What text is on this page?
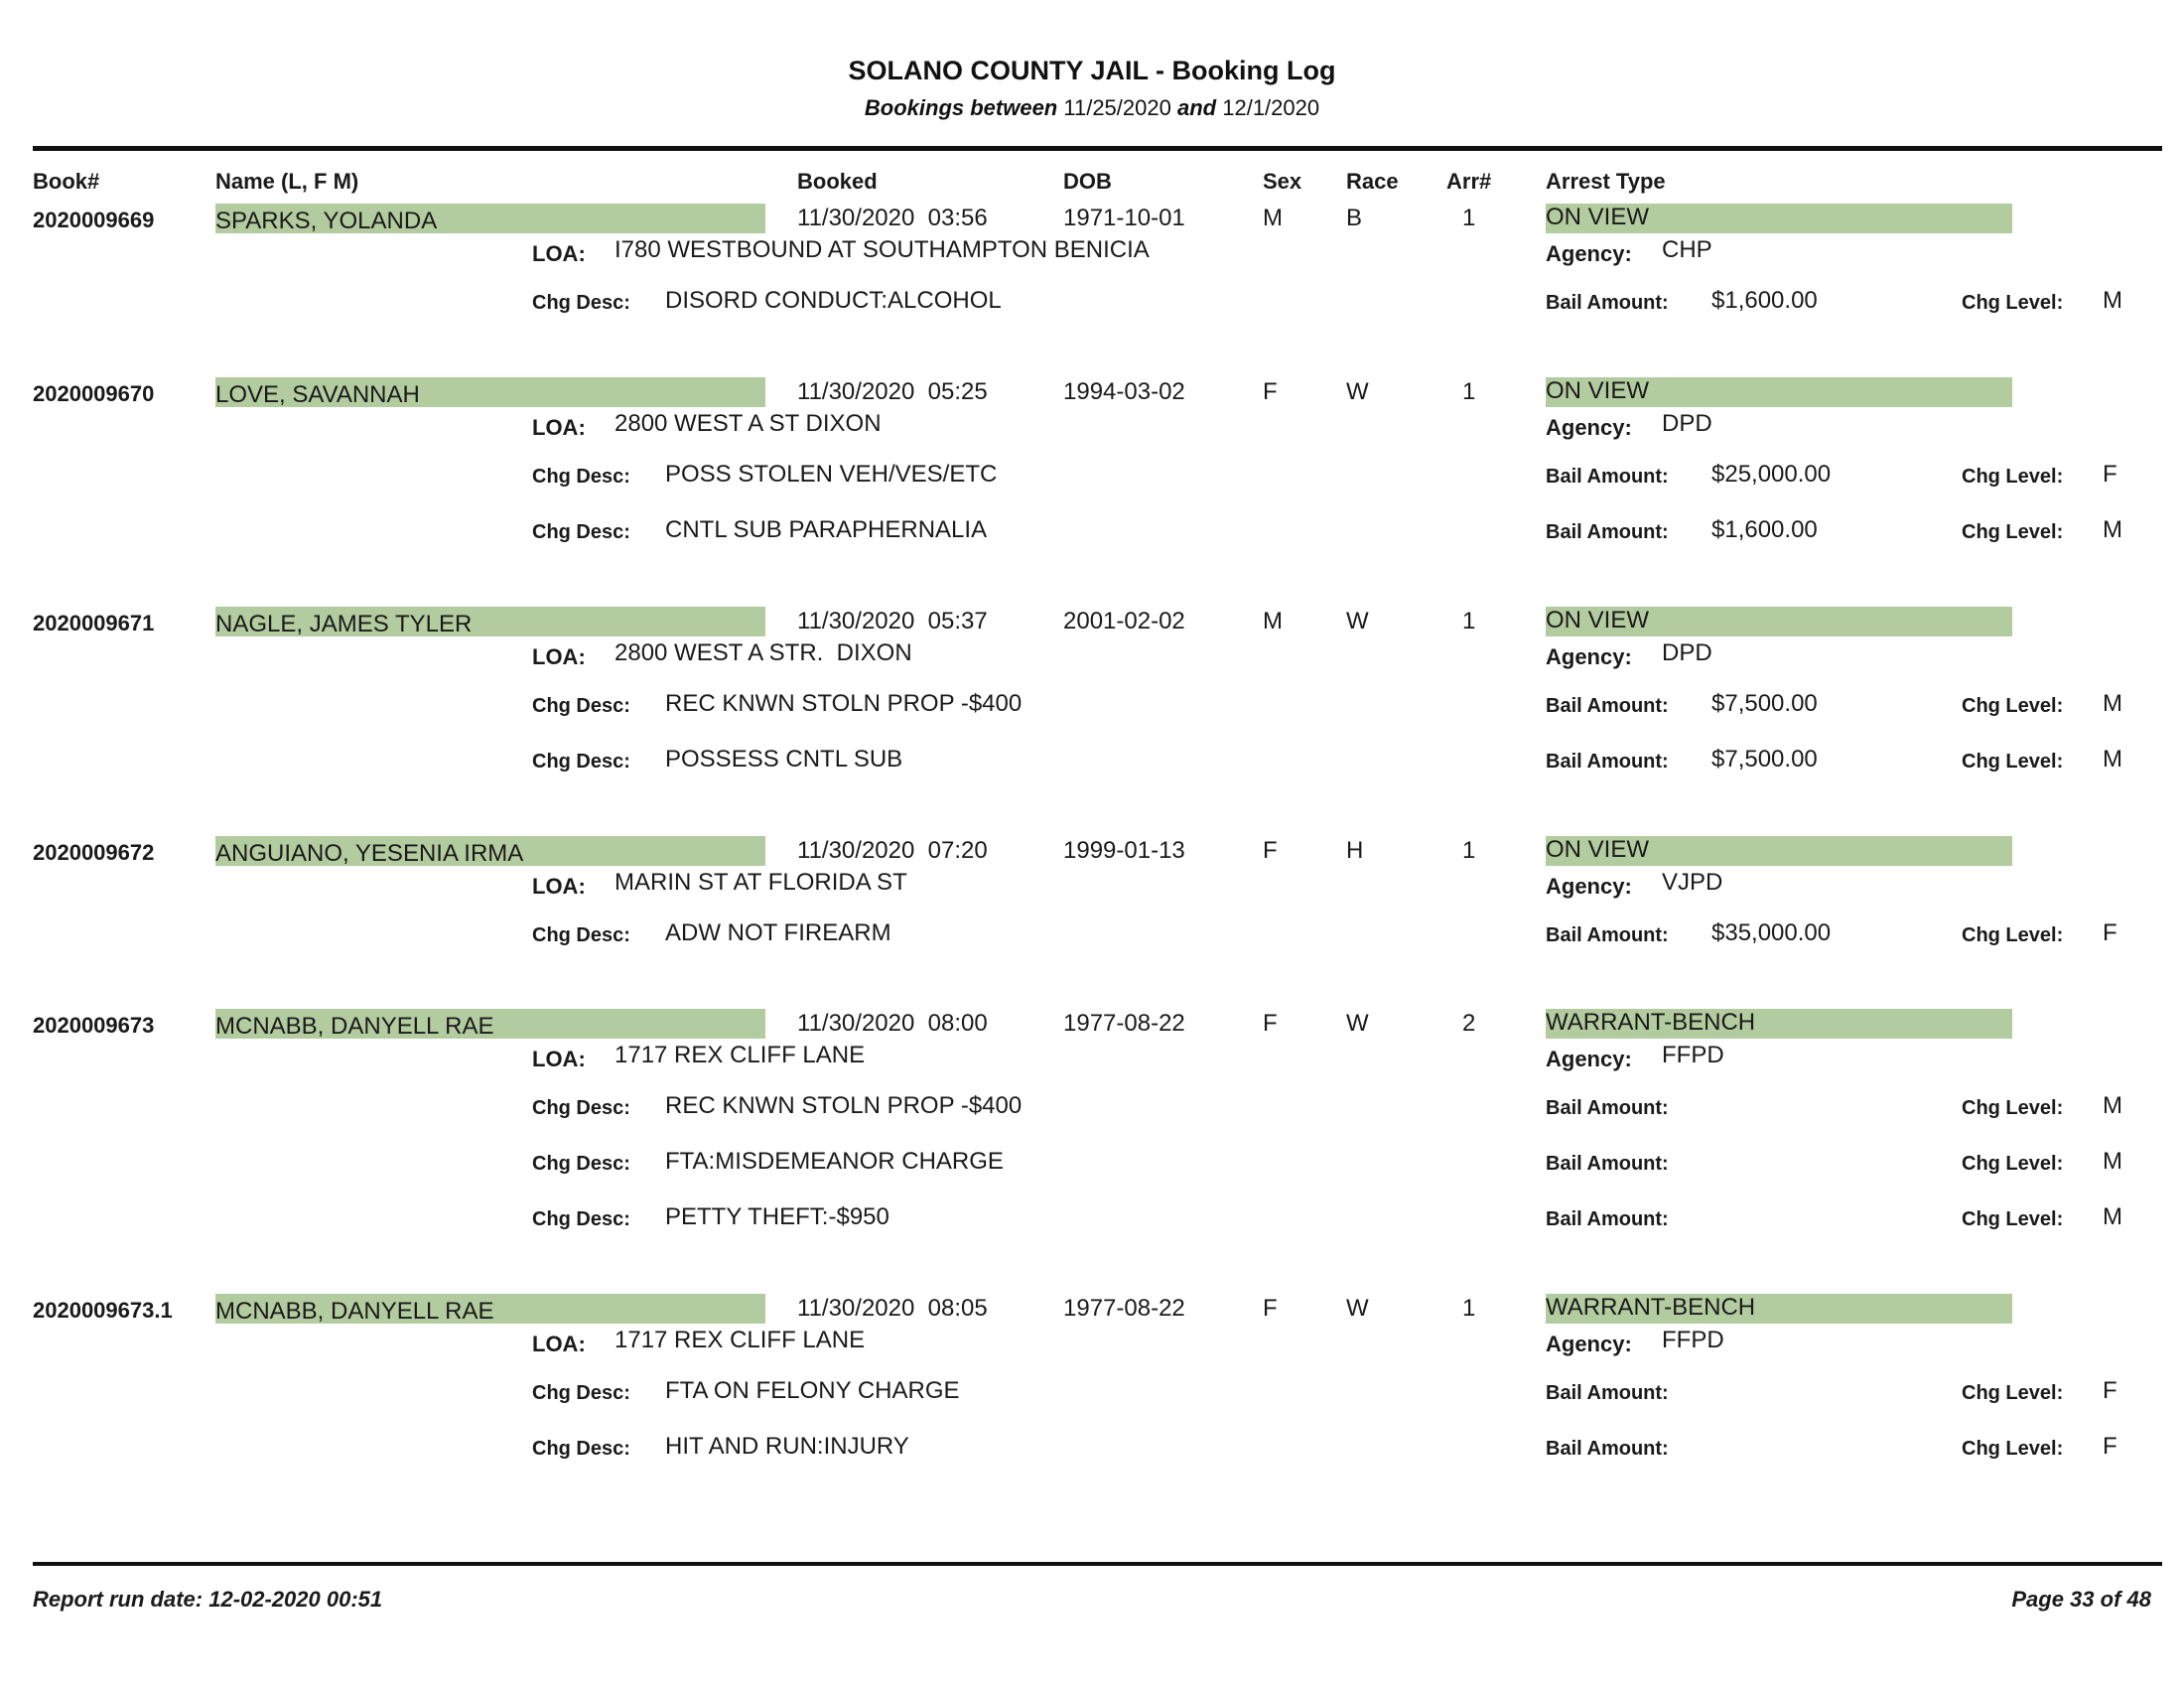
SOLANO COUNTY JAIL - Booking Log
Bookings between 11/25/2020 and 12/1/2020
Book#	Name (L, F M)	Booked	DOB	Sex Race Arr# Arrest Type
2020009669	SPARKS, YOLANDA	11/30/2020  03:56	1971-10-01	M	B	1	ON VIEW
LOA: I780 WESTBOUND AT SOUTHAMPTON BENICIA	Agency: CHP
Chg Desc: DISORD CONDUCT:ALCOHOL	Bail Amount: $1,600.00	Chg Level: M
2020009670	LOVE, SAVANNAH	11/30/2020  05:25	1994-03-02	F	W	1	ON VIEW
LOA: 2800 WEST A ST DIXON	Agency: DPD
Chg Desc: POSS STOLEN VEH/VES/ETC	Bail Amount: $25,000.00	Chg Level: F
Chg Desc: CNTL SUB PARAPHERNALIA	Bail Amount: $1,600.00	Chg Level: M
2020009671	NAGLE, JAMES TYLER	11/30/2020  05:37	2001-02-02	M	W	1	ON VIEW
LOA: 2800 WEST A STR.  DIXON	Agency: DPD
Chg Desc: REC KNWN STOLN PROP -$400	Bail Amount: $7,500.00	Chg Level: M
Chg Desc: POSSESS CNTL SUB	Bail Amount: $7,500.00	Chg Level: M
2020009672	ANGUIANO, YESENIA IRMA	11/30/2020  07:20	1999-01-13	F	H	1	ON VIEW
LOA: MARIN ST AT FLORIDA ST	Agency: VJPD
Chg Desc: ADW NOT FIREARM	Bail Amount: $35,000.00	Chg Level: F
2020009673	MCNABB, DANYELL RAE	11/30/2020  08:00	1977-08-22	F	W	2	WARRANT-BENCH
LOA: 1717 REX CLIFF LANE	Agency: FFPD
Chg Desc: REC KNWN STOLN PROP -$400	Bail Amount:	Chg Level: M
Chg Desc: FTA:MISDEMEANOR CHARGE	Bail Amount:	Chg Level: M
Chg Desc: PETTY THEFT:-$950	Bail Amount:	Chg Level: M
2020009673.1 MCNABB, DANYELL RAE	11/30/2020  08:05	1977-08-22	F	W	1	WARRANT-BENCH
LOA: 1717 REX CLIFF LANE	Agency: FFPD
Chg Desc: FTA ON FELONY CHARGE	Bail Amount:	Chg Level: F
Chg Desc: HIT AND RUN:INJURY	Bail Amount:	Chg Level: F
Report run date: 12-02-2020 00:51	Page 33 of 48
